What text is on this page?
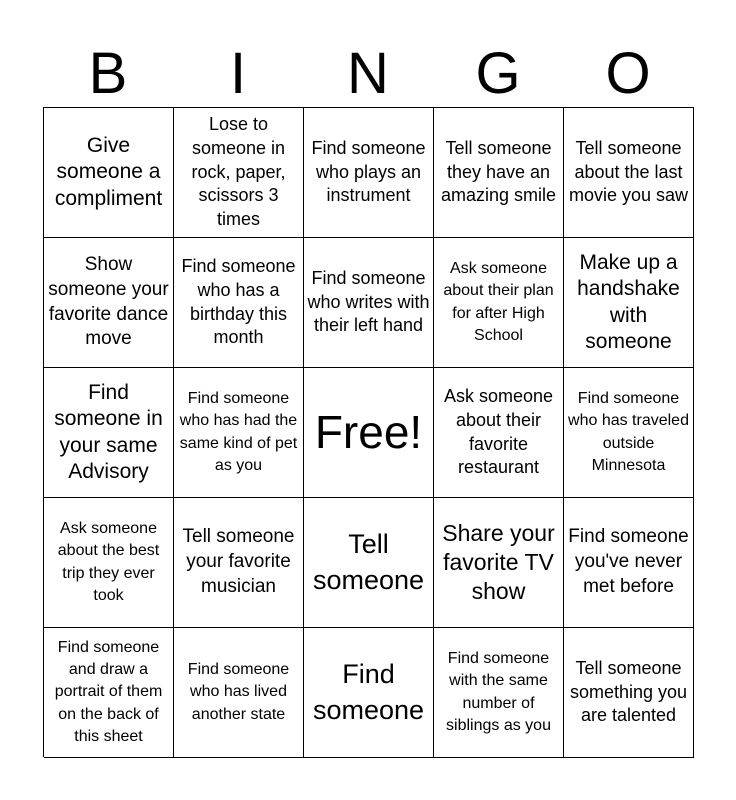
B	I	N	G	O
Give someone a compliment
Lose to someone in rock, paper, scissors 3 times
Find someone who plays an instrument
Tell someone they have an amazing smile
Tell someone about the last movie you saw
Show someone your favorite dance move
Find someone who has a birthday this month
Find someone who writes with their left hand
Ask someone about their plan for after High School
Make up a handshake with someone
Find someone in your same Advisory
Find someone who has had the same kind of pet as you
Free!
Ask someone about their favorite restaurant
Find someone who has traveled outside Minnesota
Ask someone about the best trip they ever took
Tell someone your favorite musician
Tell someone
Share your favorite TV show
Find someone you've never met before
Find someone and draw a portrait of them on the back of this sheet
Find someone who has lived another state
Find someone
Find someone with the same number of siblings as you
Tell someone something you are talented
